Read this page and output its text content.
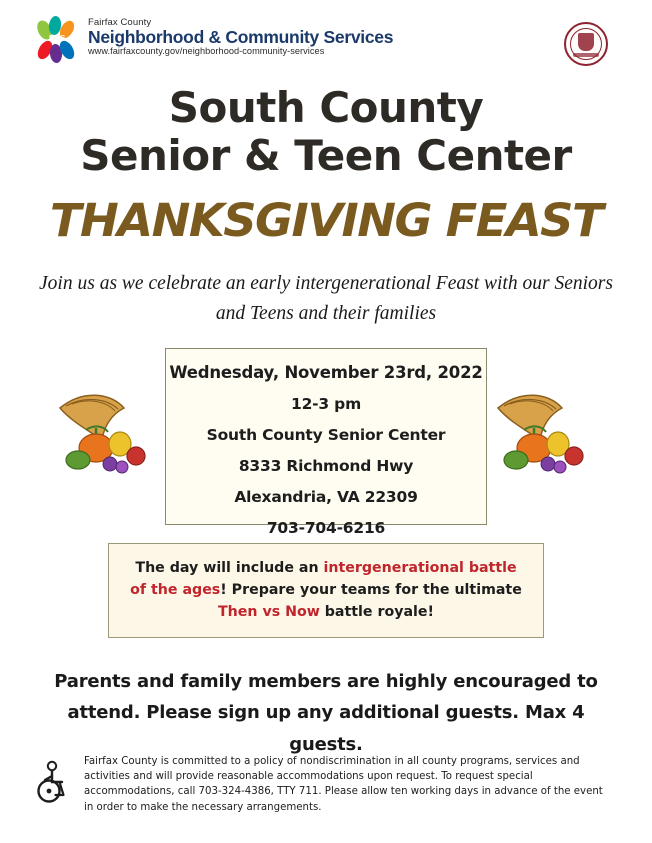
NCS
Fairfax County
Neighborhood & Community Services
www.fairfaxcounty.gov/neighborhood-community-services
South County
Senior & Teen Center
THANKSGIVING FEAST
Join us as we celebrate an early intergenerational Feast with our Seniors and Teens and their families
Wednesday, November 23rd, 2022
12-3 pm
South County Senior Center
8333 Richmond Hwy
Alexandria, VA 22309
703-704-6216
The day will include an intergenerational battle of the ages! Prepare your teams for the ultimate Then vs Now battle royale!
Parents and family members are highly encouraged to attend. Please sign up any additional guests. Max 4 guests.
Fairfax County is committed to a policy of nondiscrimination in all county programs, services and activities and will provide reasonable accommodations upon request. To request special accommodations, call 703-324-4386, TTY 711. Please allow ten working days in advance of the event in order to make the necessary arrangements.
